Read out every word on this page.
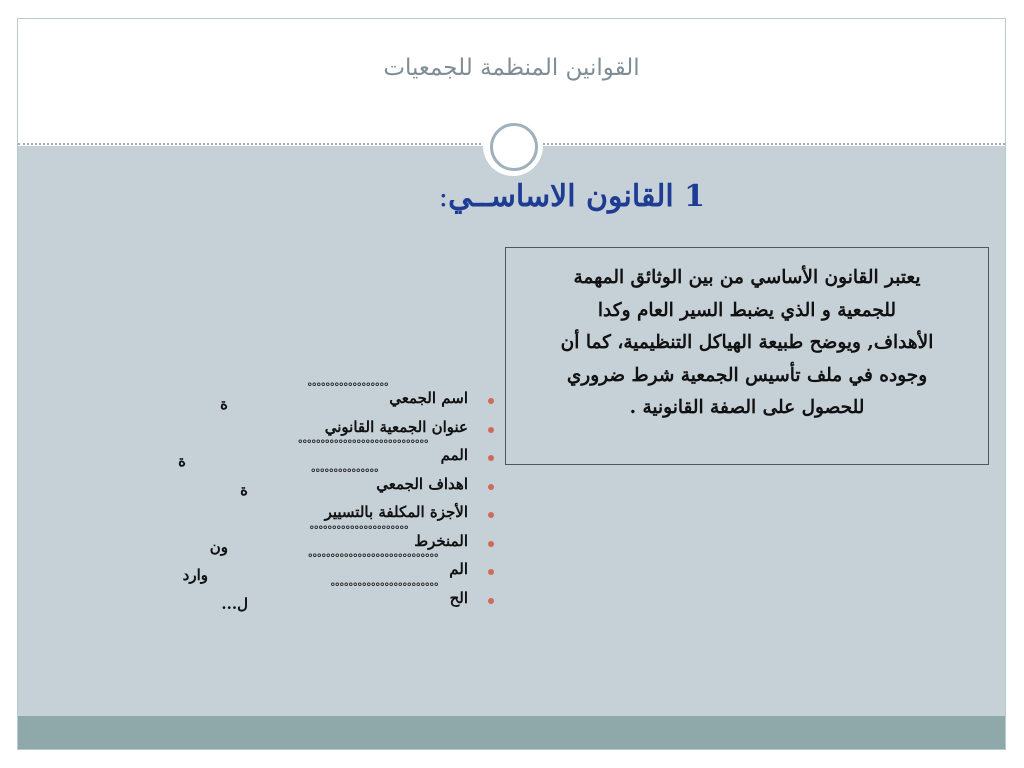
القوانين المنظمة للجمعيات
1 القانون الاساســي:
يعتبر القانون الأساسي من بين الوثائق المهمة
للجمعية و الذي يضبط السير العام وكدا
الأهداف, ويوضح طبيعة الهياكل التنظيمية، كما أن
وجوده في ملف تأسيس الجمعية شرط ضروري
للحصول على الصفة القانونية .
اسم الجمعي
°°°°°°°°°°°°°°°°°°
ة
عنوان الجمعية القانوني
المم
°°°°°°°°°°°°°°°°°°°°°°°°°°°°°
ة
اهداف الجمعي
°°°°°°°°°°°°°°°
ة
الأجزة المكلفة بالتسيير
المنخرط
°°°°°°°°°°°°°°°°°°°°°°
ون
الم
°°°°°°°°°°°°°°°°°°°°°°°°°°°°°
وارد
الح
°°°°°°°°°°°°°°°°°°°°°°°°
ل...
